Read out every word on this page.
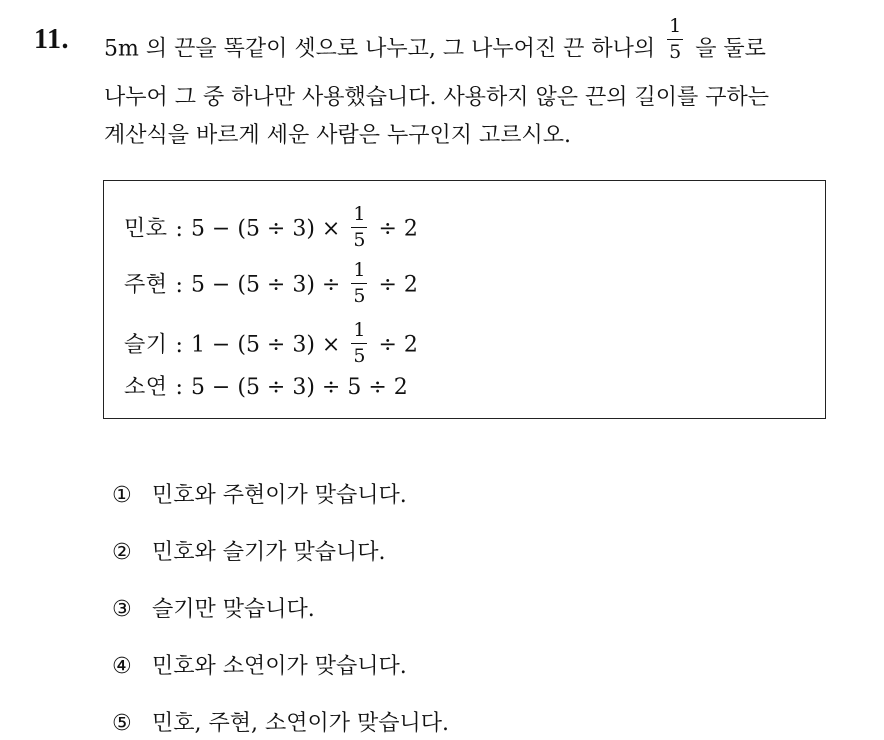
11. 5m 의 끈을 똑같이 셋으로 나누고, 그 나누어진 끈 하나의 $\frac{1}{5}$ 을 둘로
나누어 그 중 하나만 사용했습니다. 사용하지 않은 끈의 길이를 구하는
계산식을 바르게 세운 사람은 누구인지 고르시오.
민호 : $5 - (5 \div 3) \times \frac{1}{5} \div 2$
주현 : $5 - (5 \div 3) \div \frac{1}{5} \div 2$
슬기 : $1 - (5 \div 3) \times \frac{1}{5} \div 2$
소연 : 5 − (5 ÷ 3) ÷ 5 ÷ 2
① 민호와 주현이가 맞습니다.
② 민호와 슬기가 맞습니다.
③ 슬기만 맞습니다.
④ 민호와 소연이가 맞습니다.
⑤ 민호, 주현, 소연이가 맞습니다.
